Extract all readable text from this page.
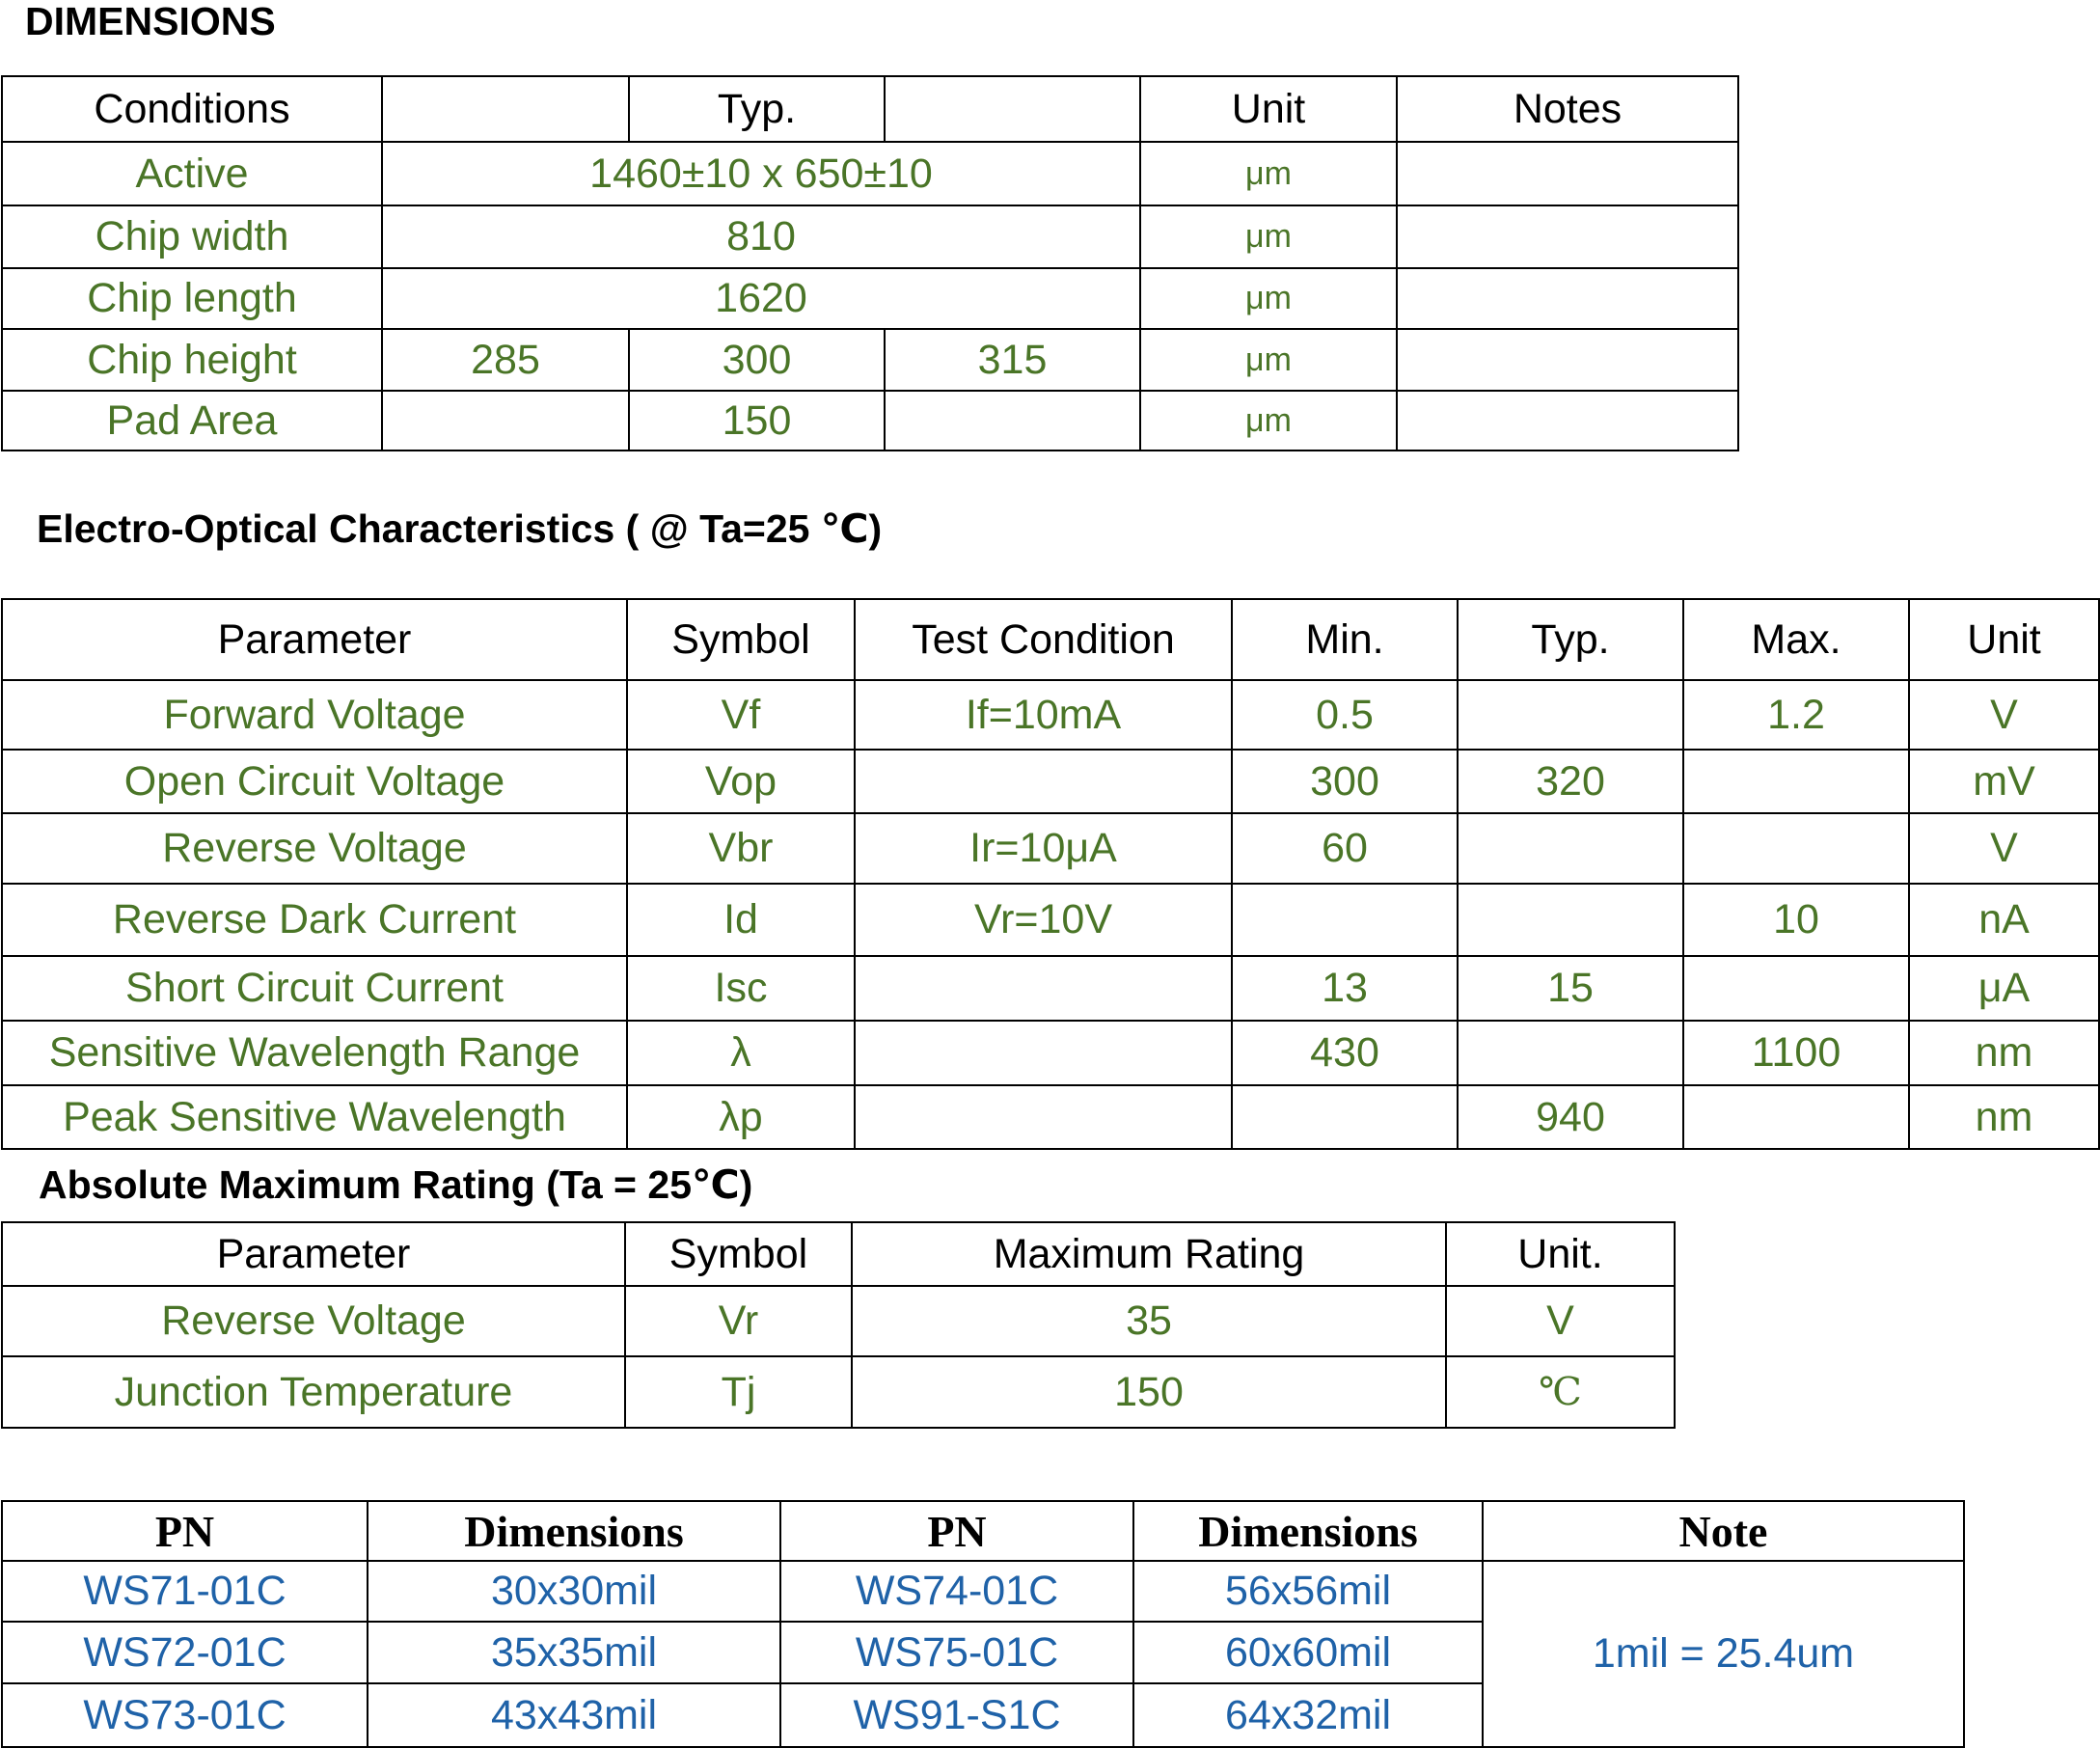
DIMENSIONS
Conditions		Typ.		Unit	Notes
Active	1460±10 x 650±10			μm	
Chip width	810			μm	
Chip length	1620			μm	
Chip height	285	300	315	μm	
Pad Area		150		μm	
Electro-Optical Characteristics ( @ Ta=25 ℃)
Parameter	Symbol	Test Condition	Min.	Typ.	Max.	Unit
Forward Voltage	Vf	If=10mA	0.5		1.2	V
Open Circuit Voltage	Vop		300	320		mV
Reverse Voltage	Vbr	Ir=10μA	60			V
Reverse Dark Current	Id	Vr=10V			10	nA
Short Circuit Current	Isc		13	15		μA
Sensitive Wavelength Range	λ		430		1100	nm
Peak Sensitive Wavelength	λp			940		nm
Absolute Maximum Rating (Ta = 25℃)
Parameter	Symbol	Maximum Rating	Unit.
Reverse Voltage	Vr	35	V
Junction Temperature	Tj	150	℃
PN	Dimensions	PN	Dimensions	Note
WS71-01C	30x30mil	WS74-01C	56x56mil	1mil = 25.4um
WS72-01C	35x35mil	WS75-01C	60x60mil	
WS73-01C	43x43mil	WS91-S1C	64x32mil	
